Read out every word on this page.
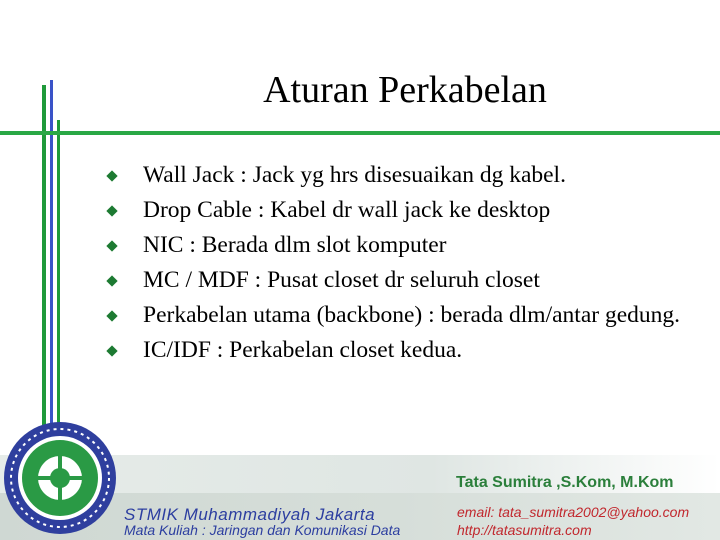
Aturan Perkabelan
Wall Jack : Jack yg hrs disesuaikan dg kabel.
Drop Cable : Kabel dr wall jack ke desktop
NIC : Berada dlm slot komputer
MC / MDF : Pusat closet dr seluruh closet
Perkabelan utama (backbone) : berada dlm/antar gedung.
IC/IDF : Perkabelan closet kedua.
Tata Sumitra ,S.Kom, M.Kom
STMIK Muhammadiyah Jakarta
Mata Kuliah : Jaringan dan Komunikasi Data
email: tata_sumitra2002@yahoo.com
http://tatasumitra.com
